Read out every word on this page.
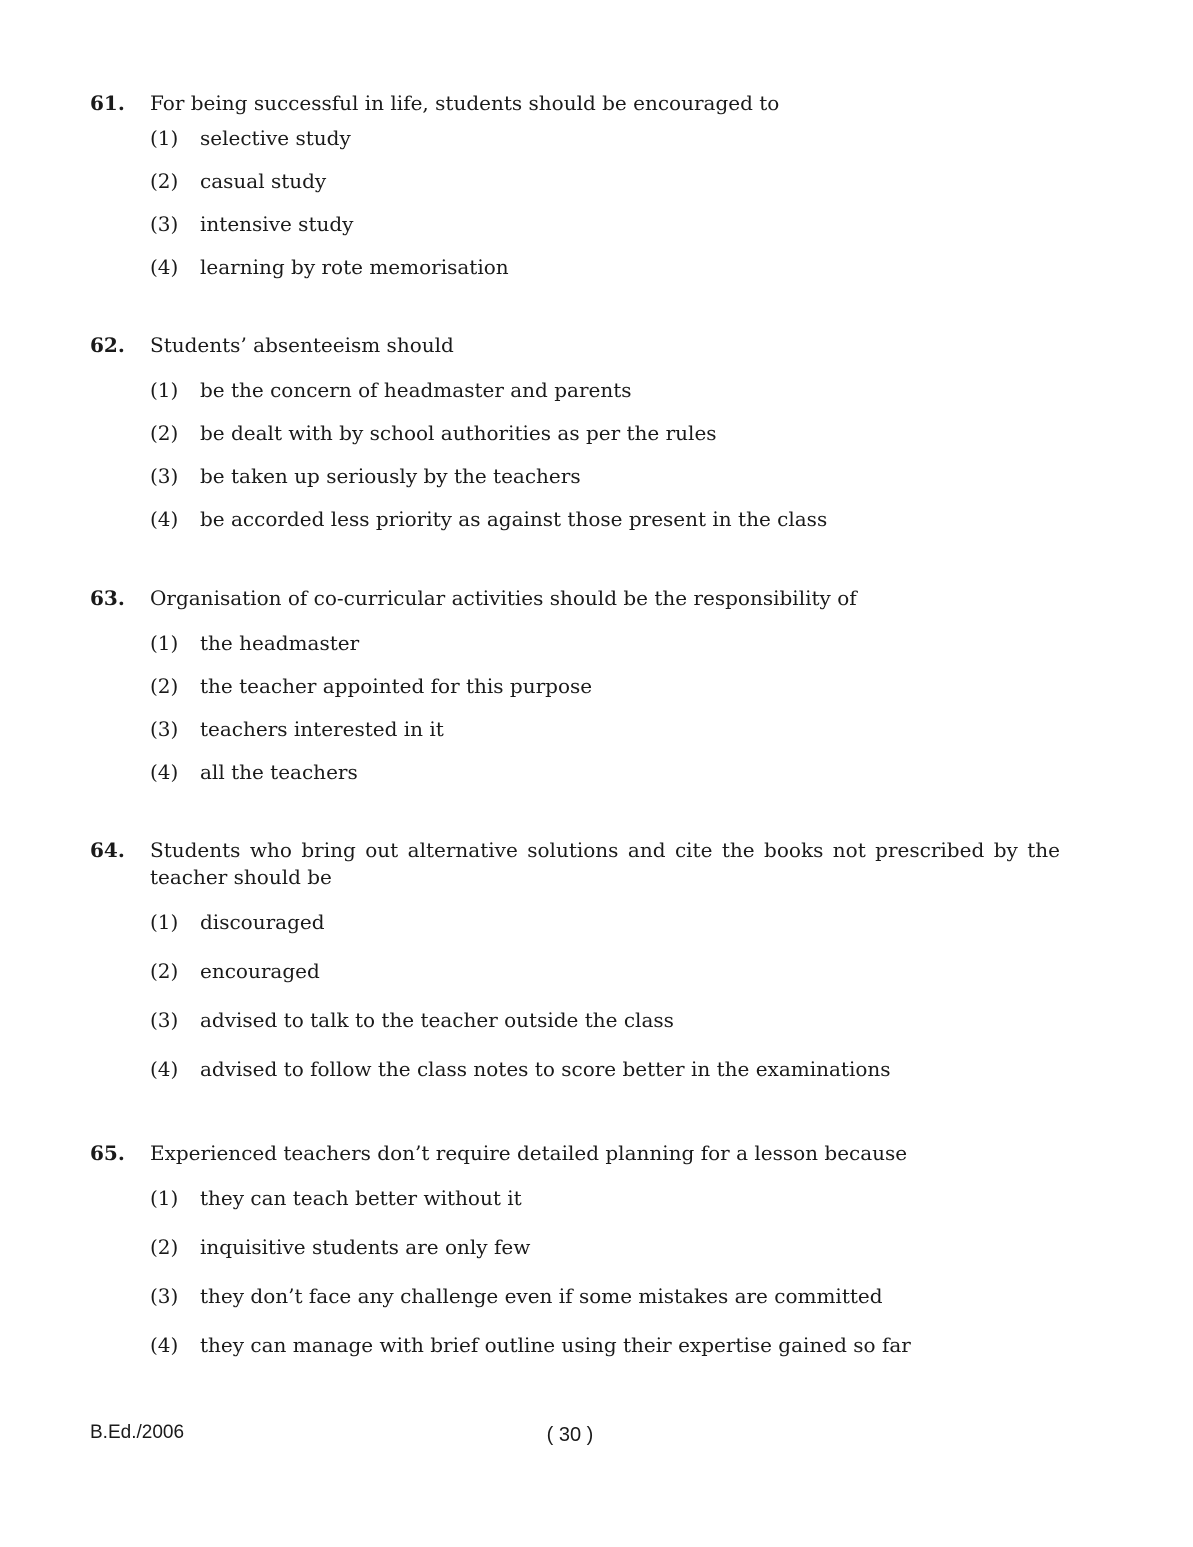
61.	For being successful in life, students should be encouraged to
(1)	selective study
(2)	casual study
(3)	intensive study
(4)	learning by rote memorisation
62.	Students’ absenteeism should
(1)	be the concern of headmaster and parents
(2)	be dealt with by school authorities as per the rules
(3)	be taken up seriously by the teachers
(4)	be accorded less priority as against those present in the class
63.	Organisation of co-curricular activities should be the responsibility of
(1)	the headmaster
(2)	the teacher appointed for this purpose
(3)	teachers interested in it
(4)	all the teachers
64.	Students who bring out alternative solutions and cite the books not prescribed by the teacher should be
(1)	discouraged
(2)	encouraged
(3)	advised to talk to the teacher outside the class
(4)	advised to follow the class notes to score better in the examinations
65.	Experienced teachers don’t require detailed planning for a lesson because
(1)	they can teach better without it
(2)	inquisitive students are only few
(3)	they don’t face any challenge even if some mistakes are committed
(4)	they can manage with brief outline using their expertise gained so far
B.Ed./2006	( 30 )
